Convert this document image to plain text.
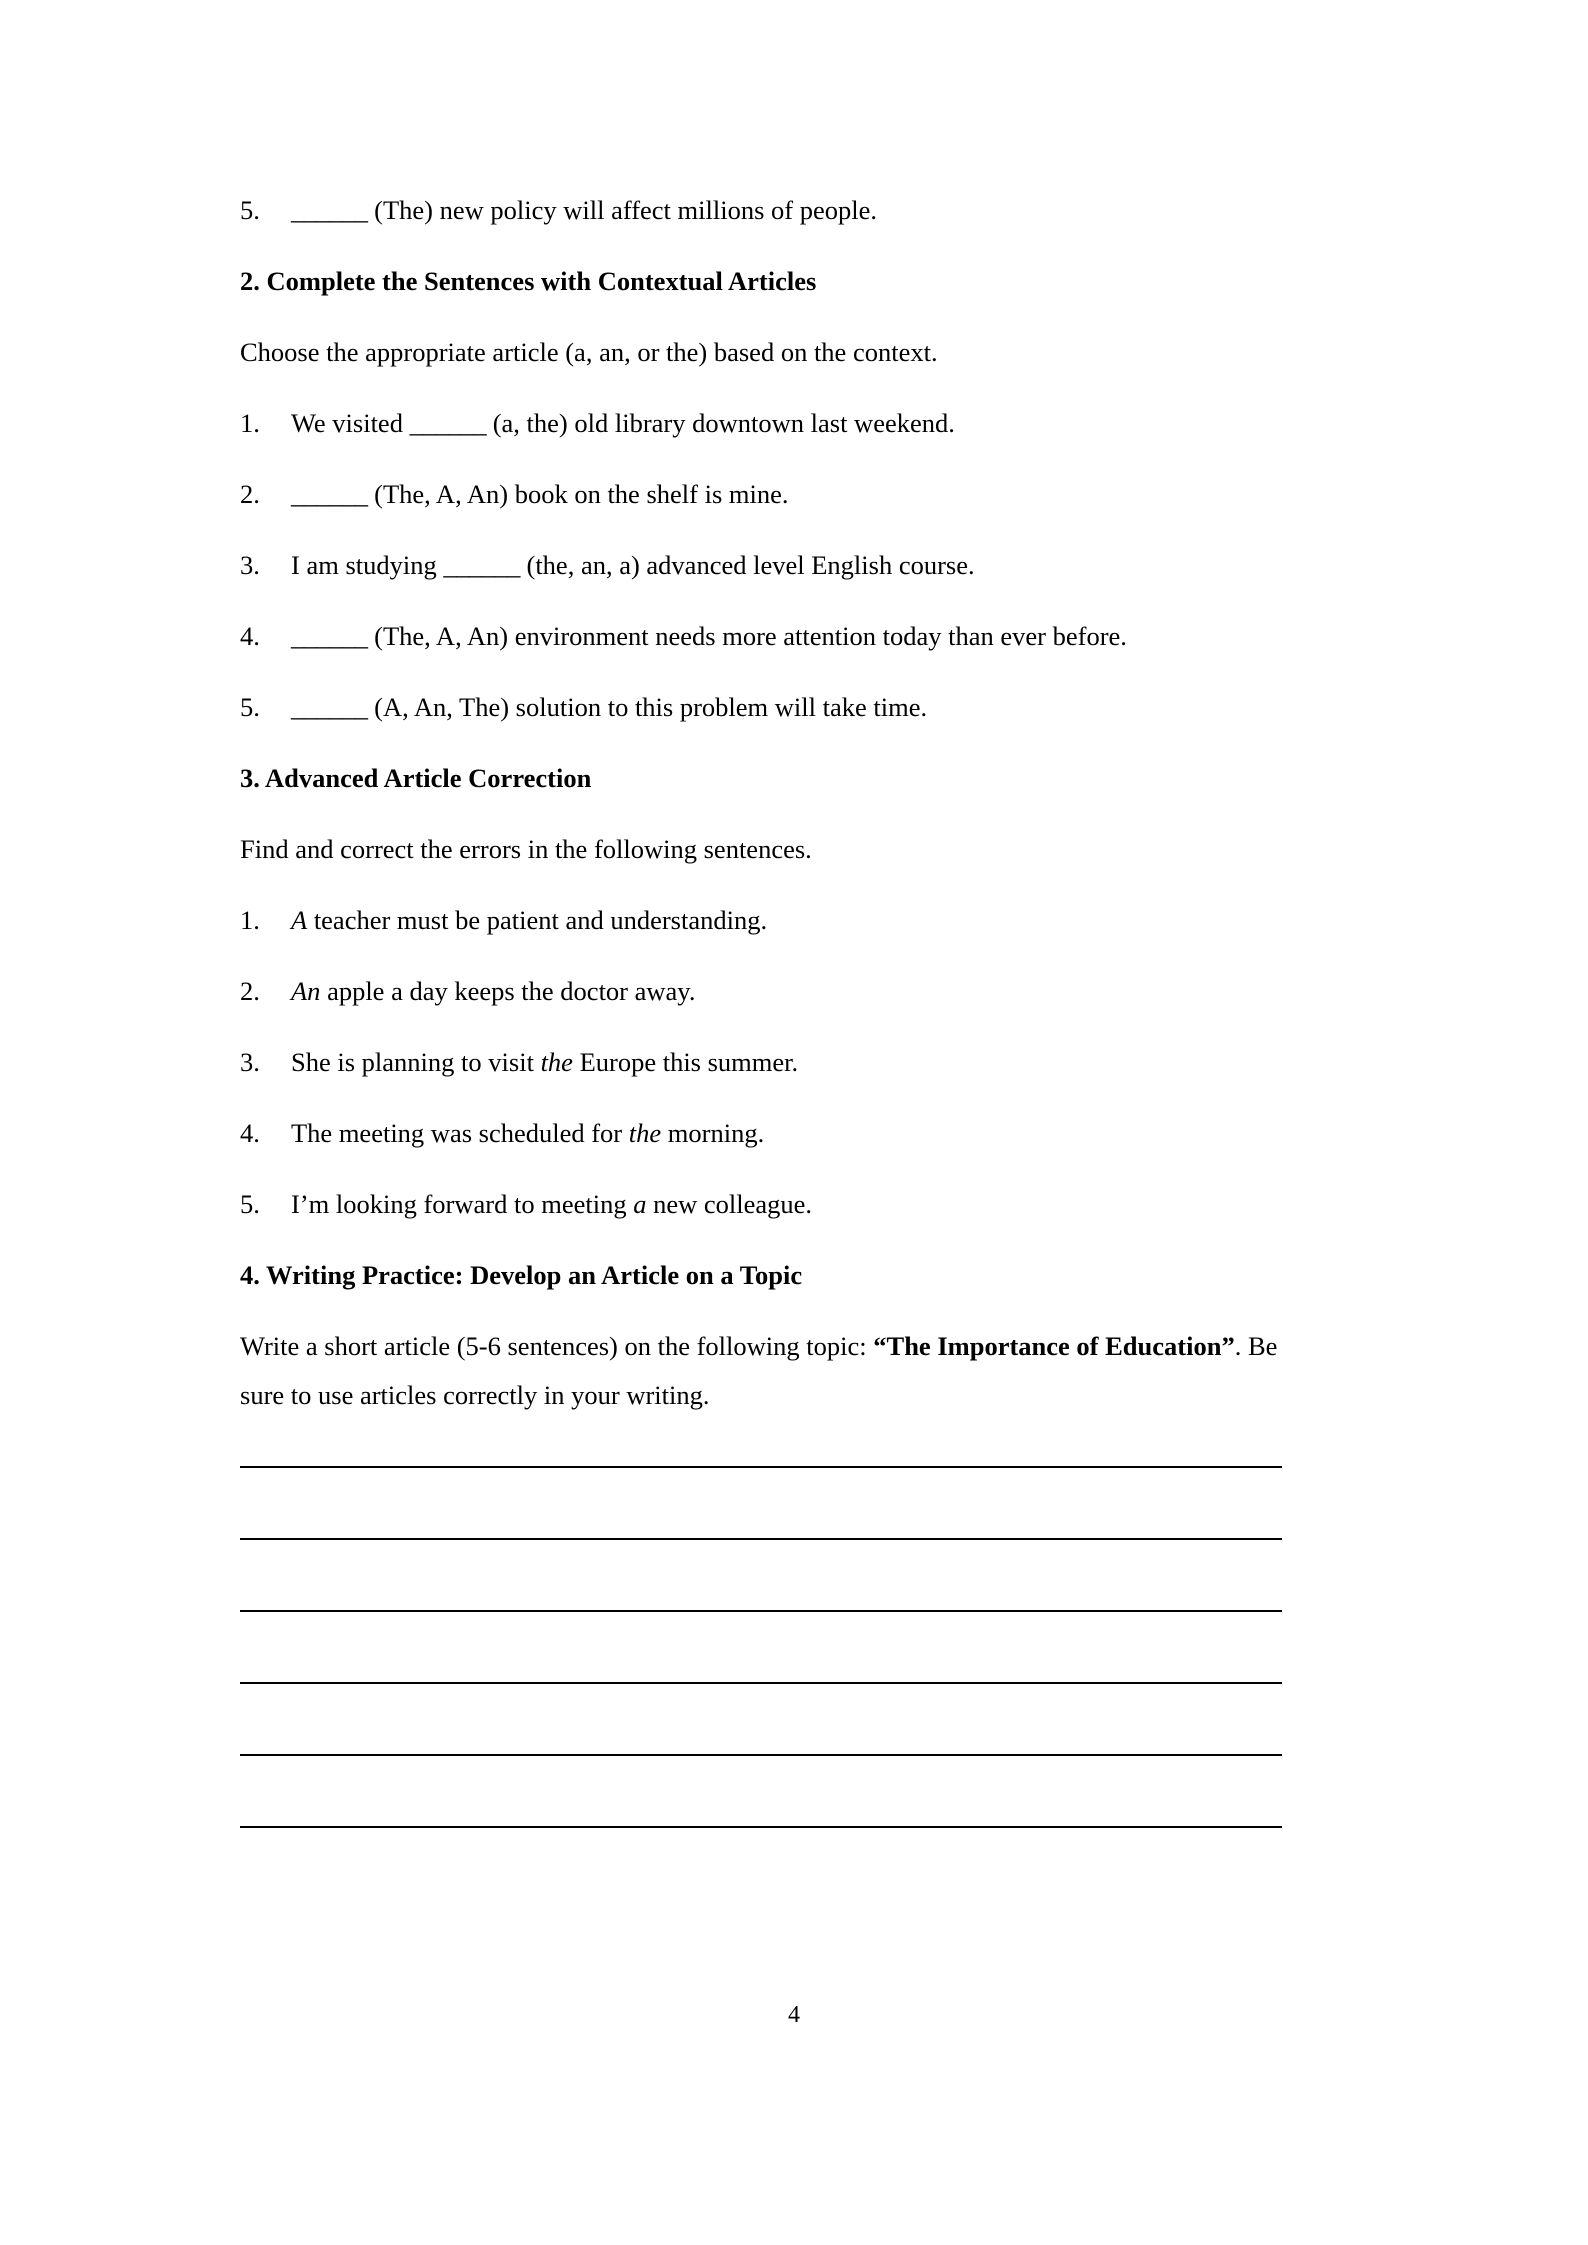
5.	______ (The) new policy will affect millions of people.
2. Complete the Sentences with Contextual Articles
Choose the appropriate article (a, an, or the) based on the context.
1.	We visited ______ (a, the) old library downtown last weekend.
2.	______ (The, A, An) book on the shelf is mine.
3.	I am studying ______ (the, an, a) advanced level English course.
4.	______ (The, A, An) environment needs more attention today than ever before.
5.	______ (A, An, The) solution to this problem will take time.
3. Advanced Article Correction
Find and correct the errors in the following sentences.
1.	A teacher must be patient and understanding.
2.	An apple a day keeps the doctor away.
3.	She is planning to visit the Europe this summer.
4.	The meeting was scheduled for the morning.
5.	I’m looking forward to meeting a new colleague.
4. Writing Practice: Develop an Article on a Topic
Write a short article (5-6 sentences) on the following topic: “The Importance of Education”. Be sure to use articles correctly in your writing.
4
